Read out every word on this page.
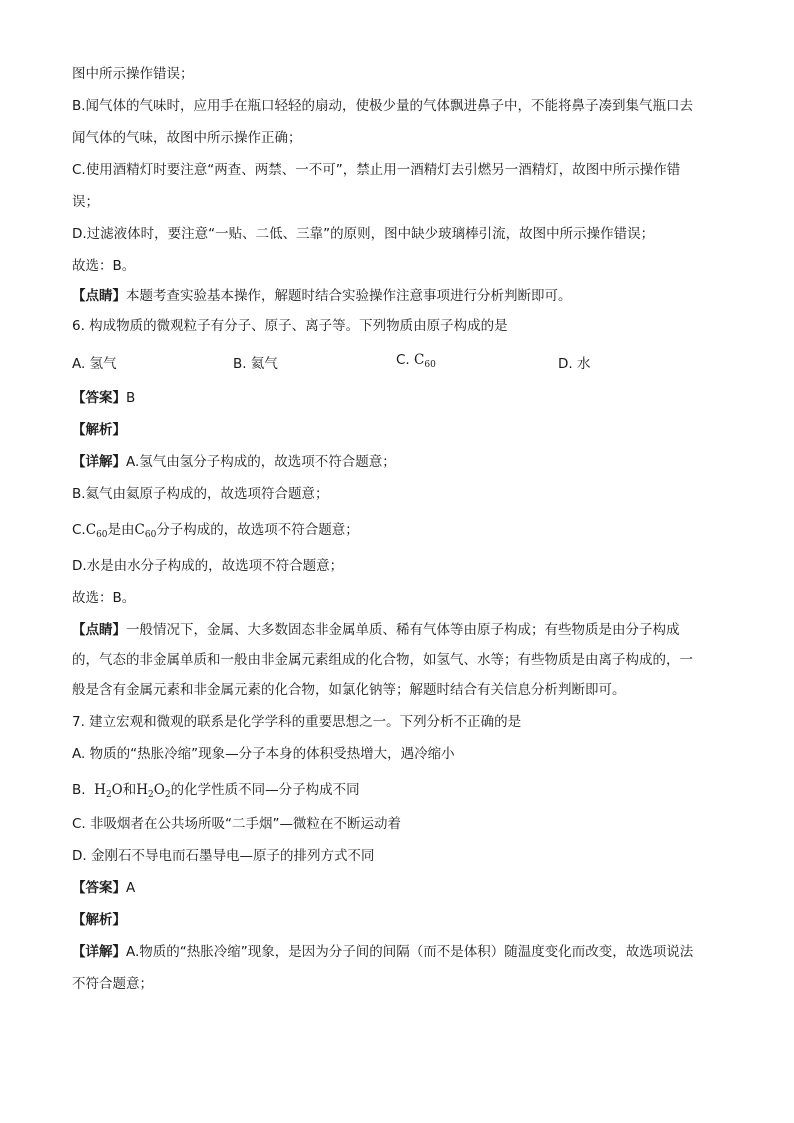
图中所示操作错误；
B.闻气体的气味时，应用手在瓶口轻轻的扇动，使极少量的气体飘进鼻子中，不能将鼻子凑到集气瓶口去
闻气体的气味，故图中所示操作正确；
C.使用酒精灯时要注意“两查、两禁、一不可”，禁止用一酒精灯去引燃另一酒精灯，故图中所示操作错
误；
D.过滤液体时，要注意“一贴、二低、三靠”的原则，图中缺少玻璃棒引流，故图中所示操作错误；
故选：B。
【点睛】本题考查实验基本操作，解题时结合实验操作注意事项进行分析判断即可。
6. 构成物质的微观粒子有分子、原子、离子等。下列物质由原子构成的是
A. 氢气	B. 氦气	C. $C_{60}$	D. 水
【答案】B
【解析】
【详解】A.氢气由氢分子构成的，故选项不符合题意；
B.氦气由氦原子构成的，故选项符合题意；
$C.C_{60}$是由$C_{60}$分子构成的，故选项不符合题意；
D.水是由水分子构成的，故选项不符合题意；
故选：B。
【点睛】一般情况下，金属、大多数固态非金属单质、稀有气体等由原子构成；有些物质是由分子构成
的，气态的非金属单质和一般由非金属元素组成的化合物，如氢气、水等；有些物质是由离子构成的，一
般是含有金属元素和非金属元素的化合物，如氯化钠等；解题时结合有关信息分析判断即可。
7. 建立宏观和微观的联系是化学学科的重要思想之一。下列分析不正确的是
A. 物质的“热胀冷缩”现象—分子本身的体积受热增大，遇冷缩小
B. $H_2O$和$H_2O_2$的化学性质不同—分子构成不同
C. 非吸烟者在公共场所吸“二手烟”—微粒在不断运动着
D. 金刚石不导电而石墨导电—原子的排列方式不同
【答案】A
【解析】
【详解】A.物质的“热胀冷缩”现象，是因为分子间的间隔（而不是体积）随温度变化而改变，故选项说法
不符合题意；
